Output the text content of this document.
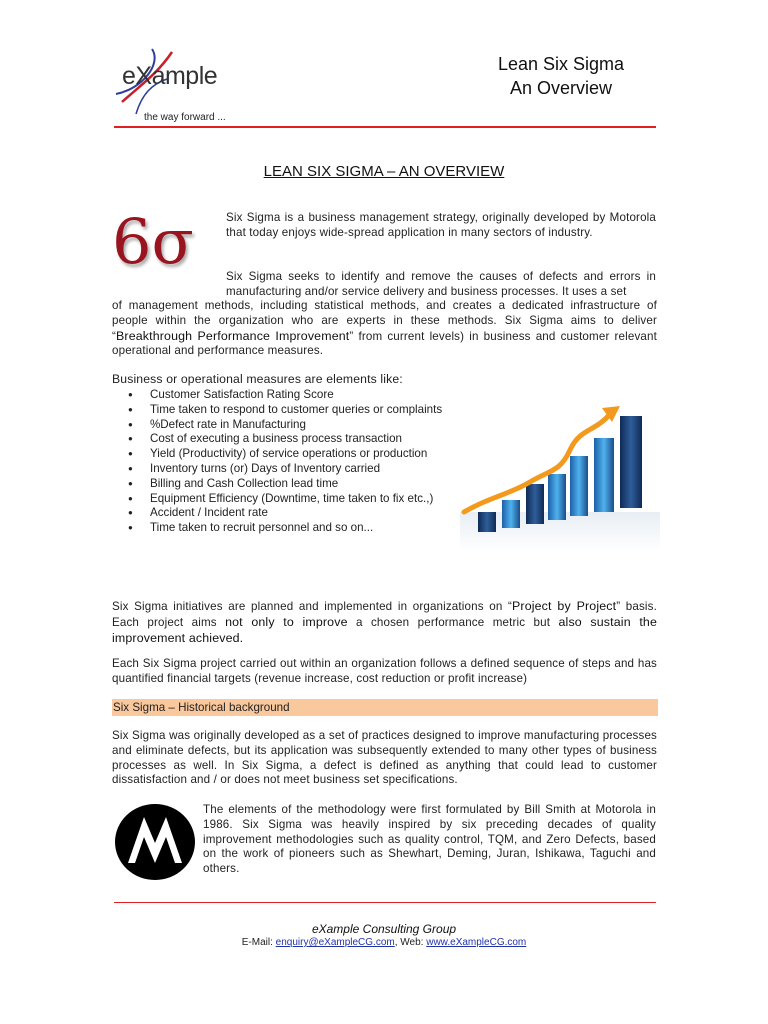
eXample
the way forward ...
Lean Six Sigma
An Overview
LEAN SIX SIGMA – AN OVERVIEW
6σ	Six Sigma is a business management strategy, originally developed by Motorola that today enjoys wide-spread application in many sectors of industry.
Six Sigma seeks to identify and remove the causes of defects and errors in manufacturing and/or service delivery and business processes. It uses a set
of management methods, including statistical methods, and creates a dedicated infrastructure of people within the organization who are experts in these methods. Six Sigma aims to deliver “Breakthrough Performance Improvement” from current levels) in business and customer relevant operational and performance measures.
Business or operational measures are elements like:
● Customer Satisfaction Rating Score
● Time taken to respond to customer queries or complaints
● %Defect rate in Manufacturing
● Cost of executing a business process transaction
● Yield (Productivity) of service operations or production
● Inventory turns (or) Days of Inventory carried
● Billing and Cash Collection lead time
● Equipment Efficiency (Downtime, time taken to fix etc.,)
● Accident / Incident rate
● Time taken to recruit personnel and so on...
Six Sigma initiatives are planned and implemented in organizations on “Project by Project” basis. Each project aims not only to improve a chosen performance metric but also sustain the improvement achieved.
Each Six Sigma project carried out within an organization follows a defined sequence of steps and has quantified financial targets (revenue increase, cost reduction or profit increase)
Six Sigma – Historical background
Six Sigma was originally developed as a set of practices designed to improve manufacturing processes and eliminate defects, but its application was subsequently extended to many other types of business processes as well. In Six Sigma, a defect is defined as anything that could lead to customer dissatisfaction and / or does not meet business set specifications.
The elements of the methodology were first formulated by Bill Smith at Motorola in 1986. Six Sigma was heavily inspired by six preceding decades of quality improvement methodologies such as quality control, TQM, and Zero Defects, based on the work of pioneers such as Shewhart, Deming, Juran, Ishikawa, Taguchi and others.
eXample Consulting Group
E-Mail: enquiry@eXampleCG.com, Web: www.eXampleCG.com
